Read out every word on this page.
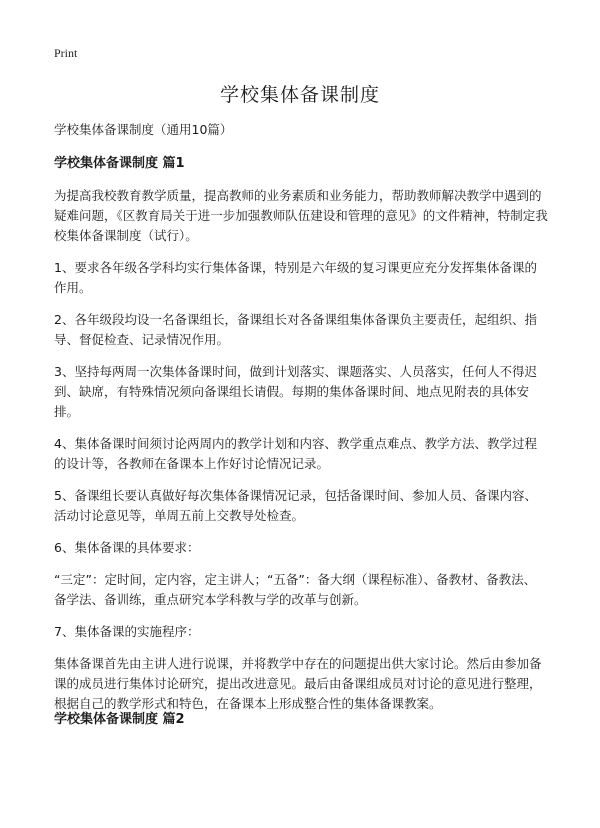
Print
学校集体备课制度

学校集体备课制度（通用10篇）

学校集体备课制度 篇1

为提高我校教育教学质量，提高教师的业务素质和业务能力，帮助教师解决教学中遇到的疑难问题，《区教育局关于进一步加强教师队伍建设和管理的意见》的文件精神，特制定我校集体备课制度（试行）。

1、要求各年级各学科均实行集体备课，特别是六年级的复习课更应充分发挥集体备课的作用。

2、各年级段均设一名备课组长，备课组长对各备课组集体备课负主要责任，起组织、指导、督促检查、记录情况作用。

3、坚持每两周一次集体备课时间，做到计划落实、课题落实、人员落实，任何人不得迟到、缺席，有特殊情况须向备课组长请假。每期的集体备课时间、地点见附表的具体安排。

4、集体备课时间须讨论两周内的教学计划和内容、教学重点难点、教学方法、教学过程的设计等，各教师在备课本上作好讨论情况记录。

5、备课组长要认真做好每次集体备课情况记录，包括备课时间、参加人员、备课内容、活动讨论意见等，单周五前上交教导处检查。

6、集体备课的具体要求：

“三定”：定时间，定内容，定主讲人；“五备”：备大纲（课程标准）、备教材、备教法、备学法、备训练，重点研究本学科教与学的改革与创新。

7、集体备课的实施程序：

集体备课首先由主讲人进行说课，并将教学中存在的问题提出供大家讨论。然后由参加备课的成员进行集体讨论研究，提出改进意见。最后由备课组成员对讨论的意见进行整理，根据自己的教学形式和特色，在备课本上形成整合性的集体备课教案。

学校集体备课制度 篇2
